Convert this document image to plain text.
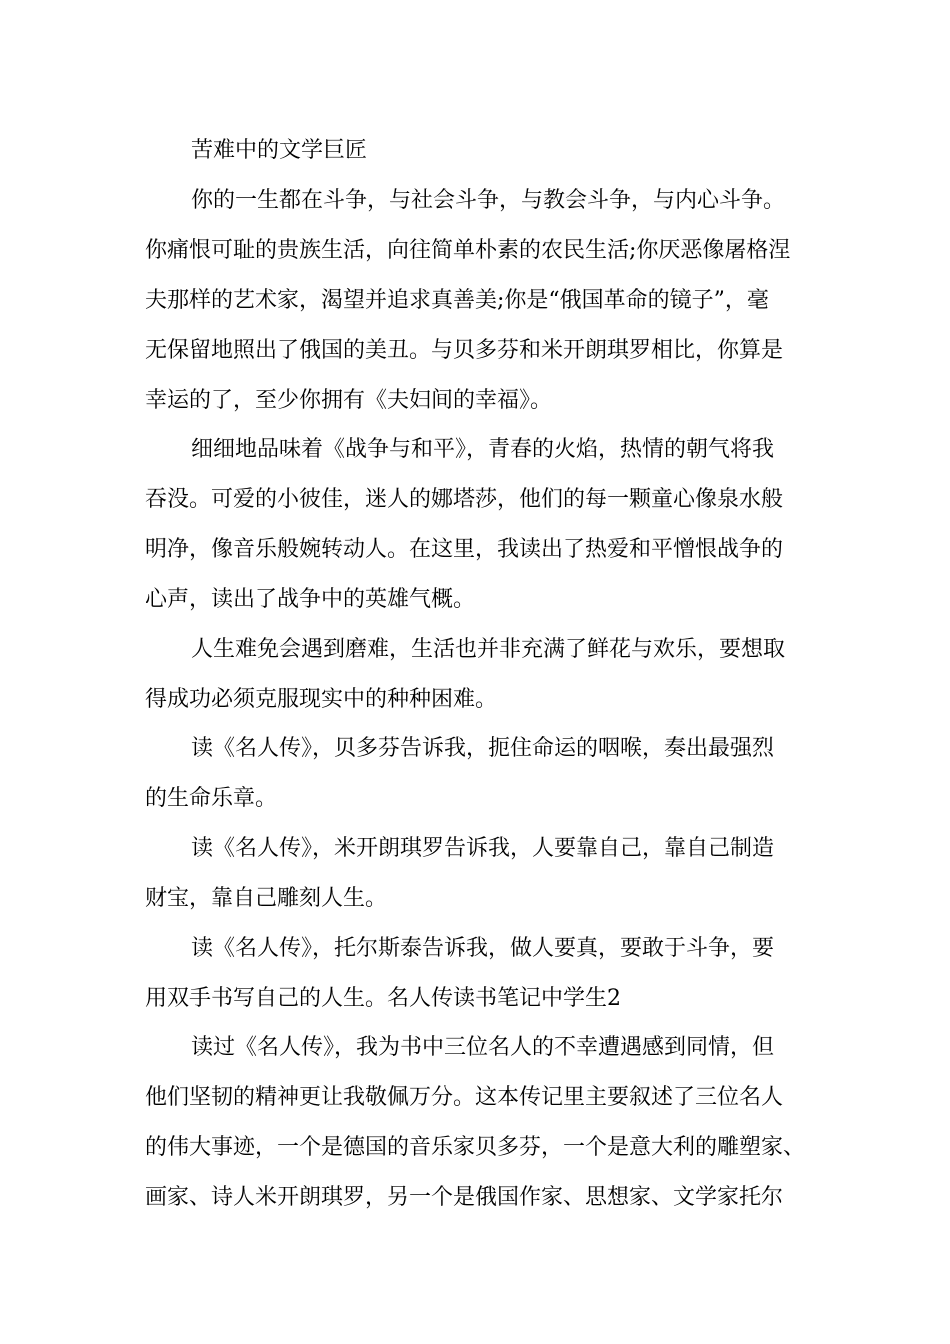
苦难中的文学巨匠

你的一生都在斗争，与社会斗争，与教会斗争，与内心斗争。

你痛恨可耻的贵族生活，向往简单朴素的农民生活;你厌恶像屠格涅

夫那样的艺术家，渴望并追求真善美;你是“俄国革命的镜子”，毫

无保留地照出了俄国的美丑。与贝多芬和米开朗琪罗相比，你算是

幸运的了，至少你拥有《夫妇间的幸福》。

细细地品味着《战争与和平》，青春的火焰，热情的朝气将我

吞没。可爱的小彼佳，迷人的娜塔莎，他们的每一颗童心像泉水般

明净，像音乐般婉转动人。在这里，我读出了热爱和平憎恨战争的

心声，读出了战争中的英雄气概。

人生难免会遇到磨难，生活也并非充满了鲜花与欢乐，要想取

得成功必须克服现实中的种种困难。

读《名人传》，贝多芬告诉我，扼住命运的咽喉，奏出最强烈

的生命乐章。

读《名人传》，米开朗琪罗告诉我，人要靠自己，靠自己制造

财宝，靠自己雕刻人生。

读《名人传》，托尔斯泰告诉我，做人要真，要敢于斗争，要

用双手书写自己的人生。名人传读书笔记中学生2

读过《名人传》，我为书中三位名人的不幸遭遇感到同情，但

他们坚韧的精神更让我敬佩万分。这本传记里主要叙述了三位名人

的伟大事迹，一个是德国的音乐家贝多芬，一个是意大利的雕塑家、

画家、诗人米开朗琪罗，另一个是俄国作家、思想家、文学家托尔
